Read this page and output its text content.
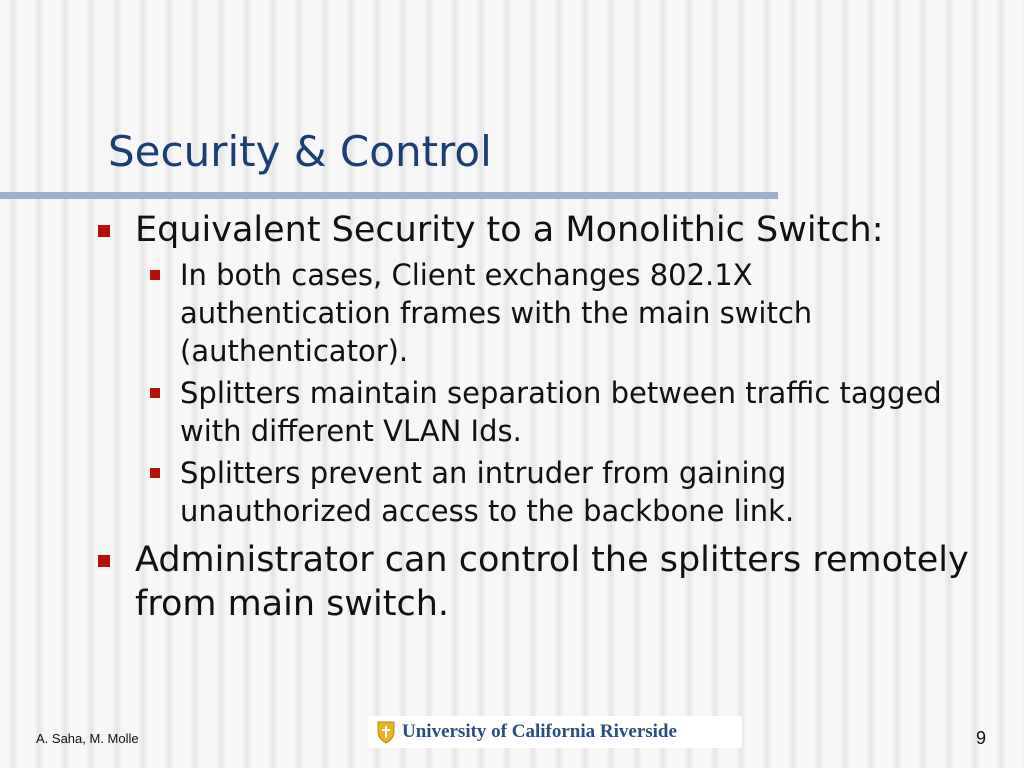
Security & Control
Equivalent Security to a Monolithic Switch:
In both cases, Client exchanges 802.1X authentication frames with the main switch (authenticator).
Splitters maintain separation between traffic tagged with different VLAN Ids.
Splitters prevent an intruder from gaining unauthorized access to the backbone link.
Administrator can control the splitters remotely from main switch.
A. Saha, M. Molle	University of California Riverside	9
